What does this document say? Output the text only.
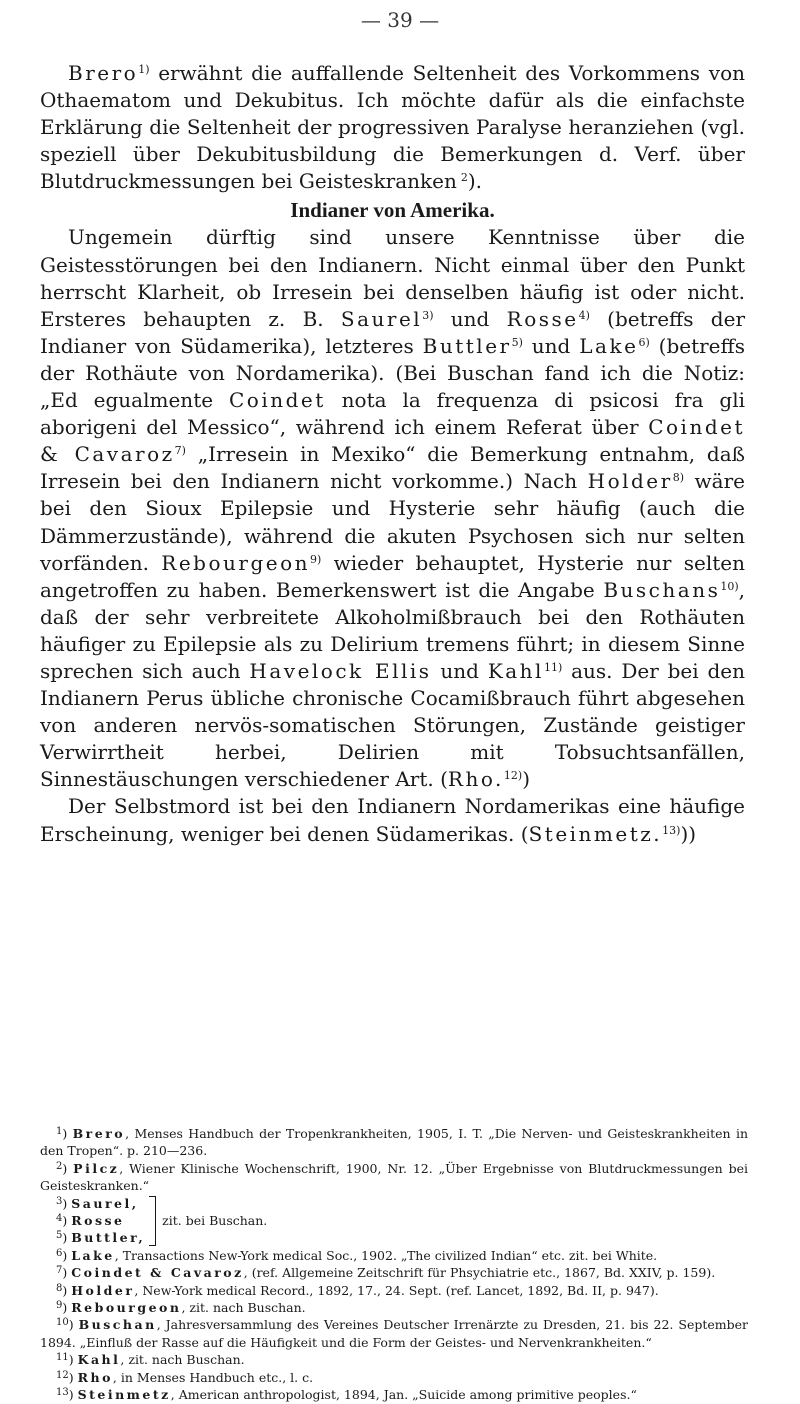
— 39 —

Brero$^{1)}$ erwähnt die auffallende Seltenheit des Vorkommens von Othaematom und Dekubitus. Ich möchte dafür als die einfachste Erklärung die Seltenheit der progressiven Paralyse heranziehen (vgl. speziell über Dekubitusbildung die Bemerkungen d. Verf. über Blutdruckmessungen bei Geisteskranken  $^2$).

Indianer von Amerika.

Ungemein dürftig sind unsere Kenntnisse über die Geistesstörungen bei den Indianern. Nicht einmal über den Punkt herrscht Klarheit, ob Irresein bei denselben häufig ist oder nicht. Ersteres behaupten z. B. Saurel$^{3)}$ und Rosse$^{4)}$ (betreffs der Indianer von Südamerika), letzteres Buttler$^{5)}$ und Lake$^{6)}$ (betreffs der Rothäute von Nordamerika). (Bei Buschan fand ich die Notiz: „Ed egualmente Coindet nota la frequenza di psicosi fra gli aborigeni del Messico“, während ich einem Referat über Coindet & Cavaroz$^{7)}$ „Irresein in Mexiko“ die Bemerkung entnahm, daß Irresein bei den Indianern nicht vorkomme.) Nach Holder$^{8)}$ wäre bei den Sioux Epilepsie und Hysterie sehr häufig (auch die Dämmerzustände), während die akuten Psychosen sich nur selten vorfänden. Rebourgeon$^{9)}$ wieder behauptet, Hysterie nur selten angetroffen zu haben. Bemerkenswert ist die Angabe Buschans$^{10)}$, daß der sehr verbreitete Alkoholmißbrauch bei den Rothäuten häufiger zu Epilepsie als zu Delirium tremens führt; in diesem Sinne sprechen sich auch Havelock Ellis und Kahl$^{11)}$ aus. Der bei den Indianern Perus übliche chronische Cocamißbrauch führt abgesehen von anderen nervös-somatischen Störungen, Zustände geistiger Verwirrtheit herbei, Delirien mit Tobsuchtsanfällen, Sinnestäuschungen verschiedener Art. (Rho.$^{12)}$)

Der Selbstmord ist bei den Indianern Nordamerikas eine häufige Erscheinung, weniger bei denen Südamerikas. (Steinmetz.$^{13)}$))

$^1$) Brero, Menses Handbuch der Tropenkrankheiten, 1905, I. T. „Die Nerven- und Geisteskrankheiten in den Tropen“. p. 210—236.

$^2$) Pilcz, Wiener Klinische Wochenschrift, 1900, Nr. 12. „Über Ergebnisse von Blutdruckmessungen bei Geisteskranken.“

$^3$) Saurel,
$^4$) Rosse
$^5$) Buttler,
zit. bei Buschan.

$^6$) Lake, Transactions New-York medical Soc., 1902. „The civilized Indian“ etc. zit. bei White.

$^7$) Coindet & Cavaroz, (ref. Allgemeine Zeitschrift für Phsychiatrie etc., 1867, Bd. XXIV, p. 159).

$^8$) Holder, New-York medical Record., 1892, 17., 24. Sept. (ref. Lancet, 1892, Bd. II, p. 947).

$^9$) Rebourgeon, zit. nach Buschan.

$^{10}$) Buschan, Jahresversammlung des Vereines Deutscher Irrenärzte zu Dresden, 21. bis 22. September 1894. „Einfluß der Rasse auf die Häufigkeit und die Form der Geistes- und Nervenkrankheiten.“

$^{11}$) Kahl, zit. nach Buschan.

$^{12}$) Rho, in Menses Handbuch etc., l. c.

$^{13}$) Steinmetz, American anthropologist, 1894, Jan. „Suicide among primitive peoples.“
